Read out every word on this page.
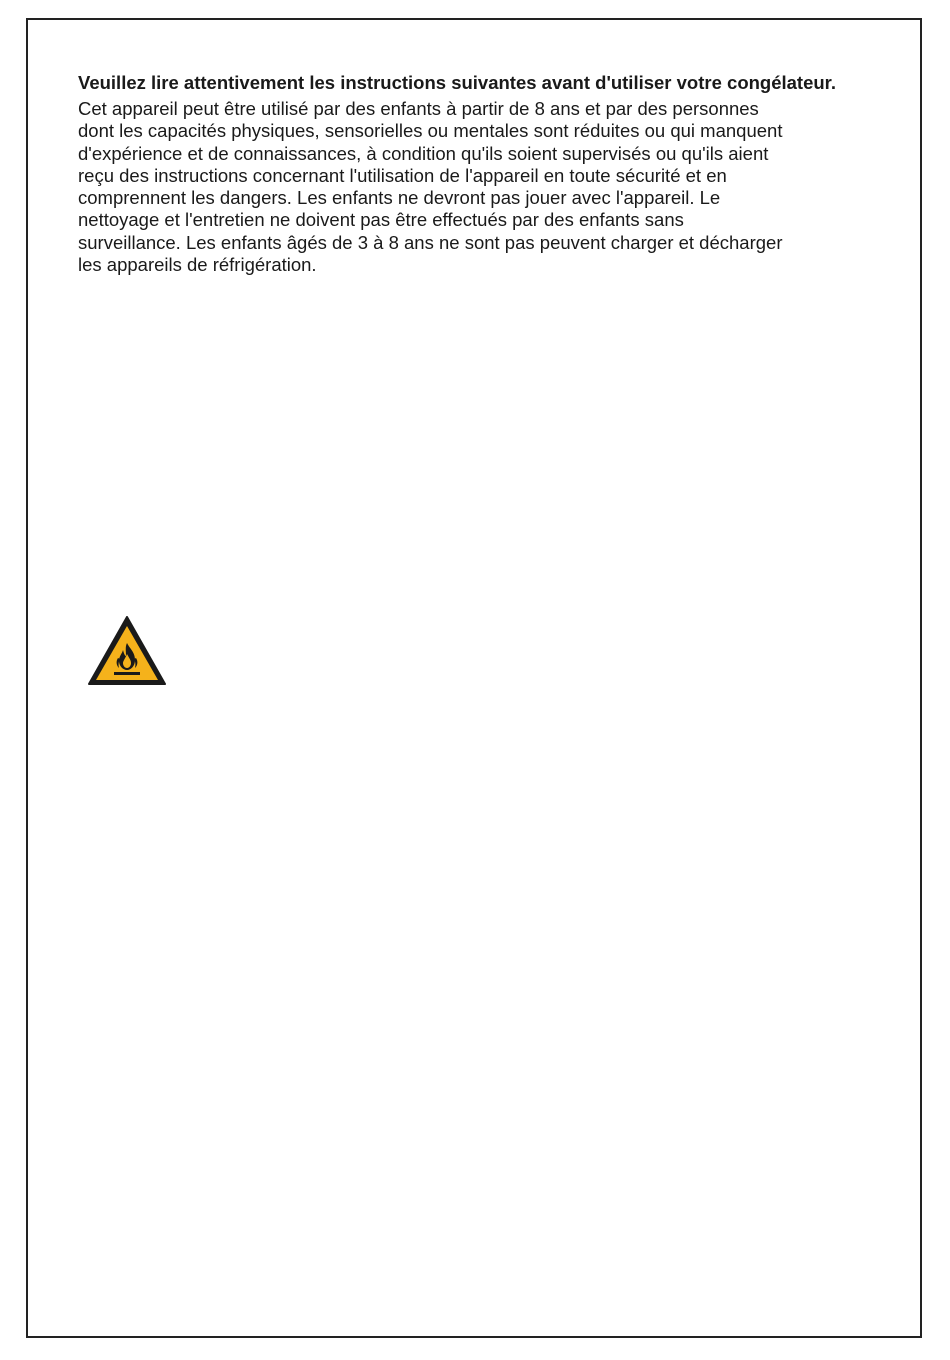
Veuillez lire attentivement les instructions suivantes avant d'utiliser votre congélateur.

Cet appareil peut être utilisé par des enfants à partir de 8 ans et par des personnes
dont les capacités physiques, sensorielles ou mentales sont réduites ou qui manquent
d'expérience et de connaissances, à condition qu'ils soient supervisés ou qu'ils aient
reçu des instructions concernant l'utilisation de l'appareil en toute sécurité et en
comprennent les dangers. Les enfants ne devront pas jouer avec l'appareil. Le
nettoyage et l'entretien ne doivent pas être effectués par des enfants sans
surveillance. Les enfants âgés de 3 à 8 ans ne sont pas peuvent charger et décharger
les appareils de réfrigération.
